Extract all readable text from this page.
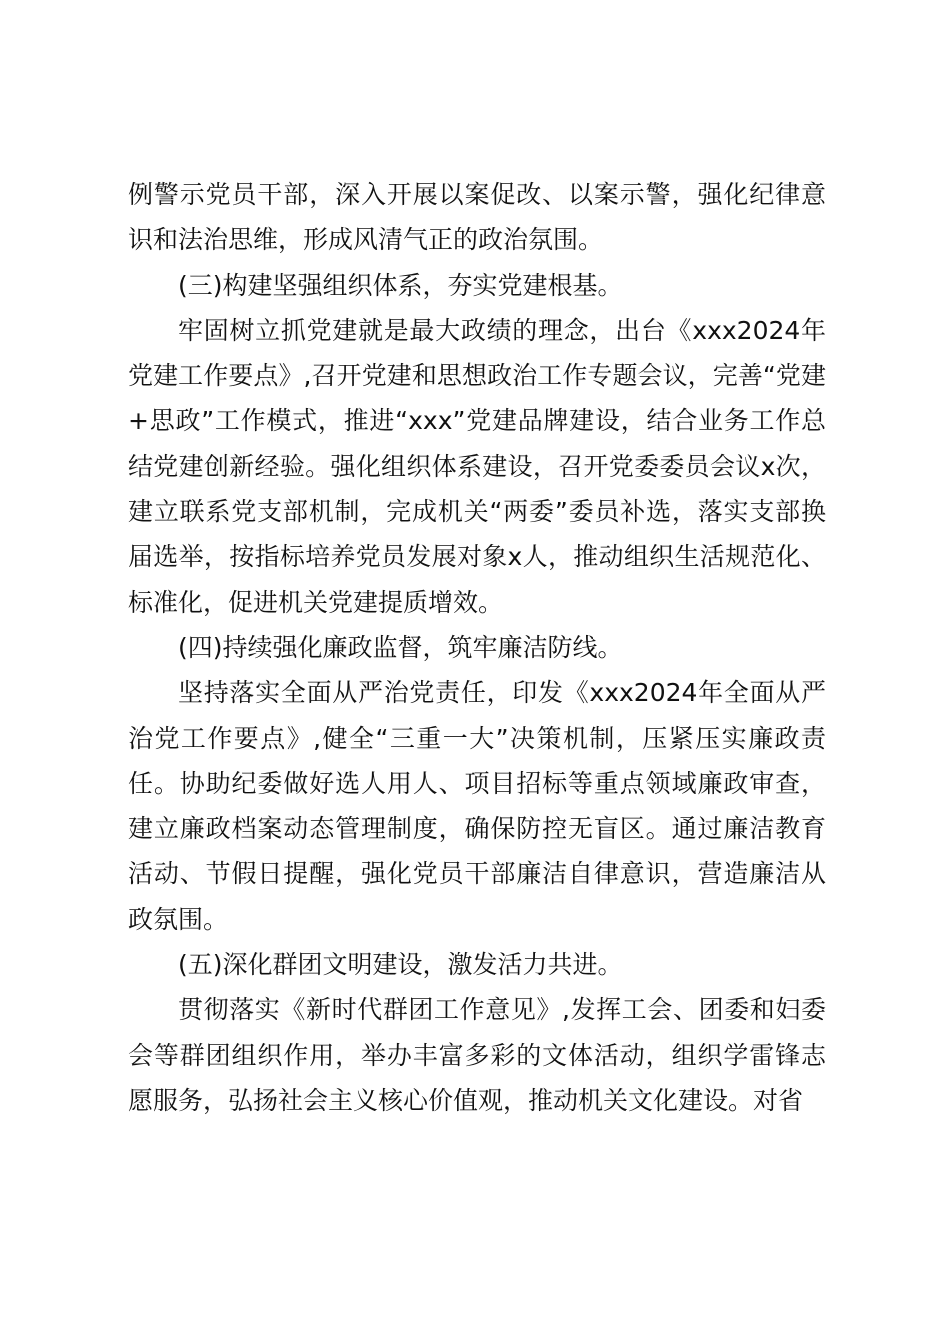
例警示党员干部，深入开展以案促改、以案示警，强化纪律意识和法治思维，形成风清气正的政治氛围。

(三)构建坚强组织体系，夯实党建根基。

牢固树立抓党建就是最大政绩的理念，出台《xxx2024年党建工作要点》,召开党建和思想政治工作专题会议，完善“党建+思政”工作模式，推进“xxx”党建品牌建设，结合业务工作总结党建创新经验。强化组织体系建设，召开党委委员会议x次，建立联系党支部机制，完成机关“两委”委员补选，落实支部换届选举，按指标培养党员发展对象x人，推动组织生活规范化、标准化，促进机关党建提质增效。

(四)持续强化廉政监督，筑牢廉洁防线。

坚持落实全面从严治党责任，印发《xxx2024年全面从严治党工作要点》,健全“三重一大”决策机制，压紧压实廉政责任。协助纪委做好选人用人、项目招标等重点领域廉政审查，建立廉政档案动态管理制度，确保防控无盲区。通过廉洁教育活动、节假日提醒，强化党员干部廉洁自律意识，营造廉洁从政氛围。

(五)深化群团文明建设，激发活力共进。

贯彻落实《新时代群团工作意见》,发挥工会、团委和妇委会等群团组织作用，举办丰富多彩的文体活动，组织学雷锋志愿服务，弘扬社会主义核心价值观，推动机关文化建设。对省
